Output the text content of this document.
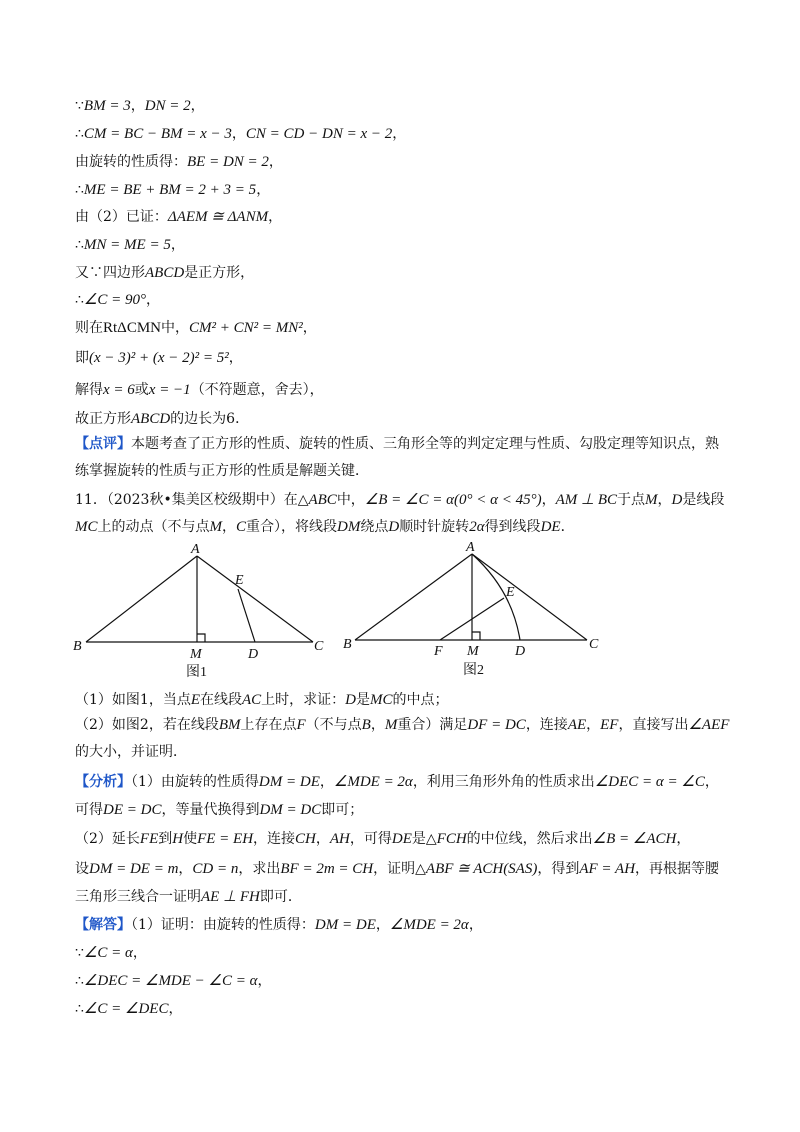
∵BM = 3，DN = 2，
∴CM = BC − BM = x − 3，CN = CD − DN = x − 2，
由旋转的性质得：BE = DN = 2，
∴ME = BE + BM = 2 + 3 = 5，
由（2）已证：ΔAEM ≅ ΔANM，
∴MN = ME = 5，
又∵四边形ABCD是正方形，
∴∠C = 90°，
则在RtΔCMN中，CM² + CN² = MN²，
即(x − 3)² + (x − 2)² = 5²，
解得x = 6或x = −1（不符题意，舍去），
故正方形ABCD的边长为6．
【点评】本题考查了正方形的性质、旋转的性质、三角形全等的判定定理与性质、勾股定理等知识点，熟练掌握旋转的性质与正方形的性质是解题关键．
11．（2023秋•集美区校级期中）在△ABC中，∠B = ∠C = α(0° < α < 45°)，AM ⊥ BC于点M，D是线段MC上的动点（不与点M，C重合），将线段DM绕点D顺时针旋转2α得到线段DE．
A
B	C
M	D
E
图1
A
B	C
F M	D
E
图2
（1）如图1，当点E在线段AC上时，求证：D是MC的中点；
（2）如图2，若在线段BM上存在点F（不与点B，M重合）满足DF = DC，连接AE，EF，直接写出∠AEF的大小，并证明．
【分析】（1）由旋转的性质得DM = DE，∠MDE = 2α，利用三角形外角的性质求出∠DEC = α = ∠C，
可得DE = DC，等量代换得到DM = DC即可；
（2）延长FE到H使FE = EH，连接CH，AH，可得DE是△FCH的中位线，然后求出∠B = ∠ACH，
设DM = DE = m，CD = n，求出BF = 2m = CH，证明△ABF ≅ ACH(SAS)，得到AF = AH，再根据等腰
三角形三线合一证明AE ⊥ FH即可．
【解答】（1）证明：由旋转的性质得：DM = DE，∠MDE = 2α，
∵∠C = α，
∴∠DEC = ∠MDE − ∠C = α，
∴∠C = ∠DEC，
